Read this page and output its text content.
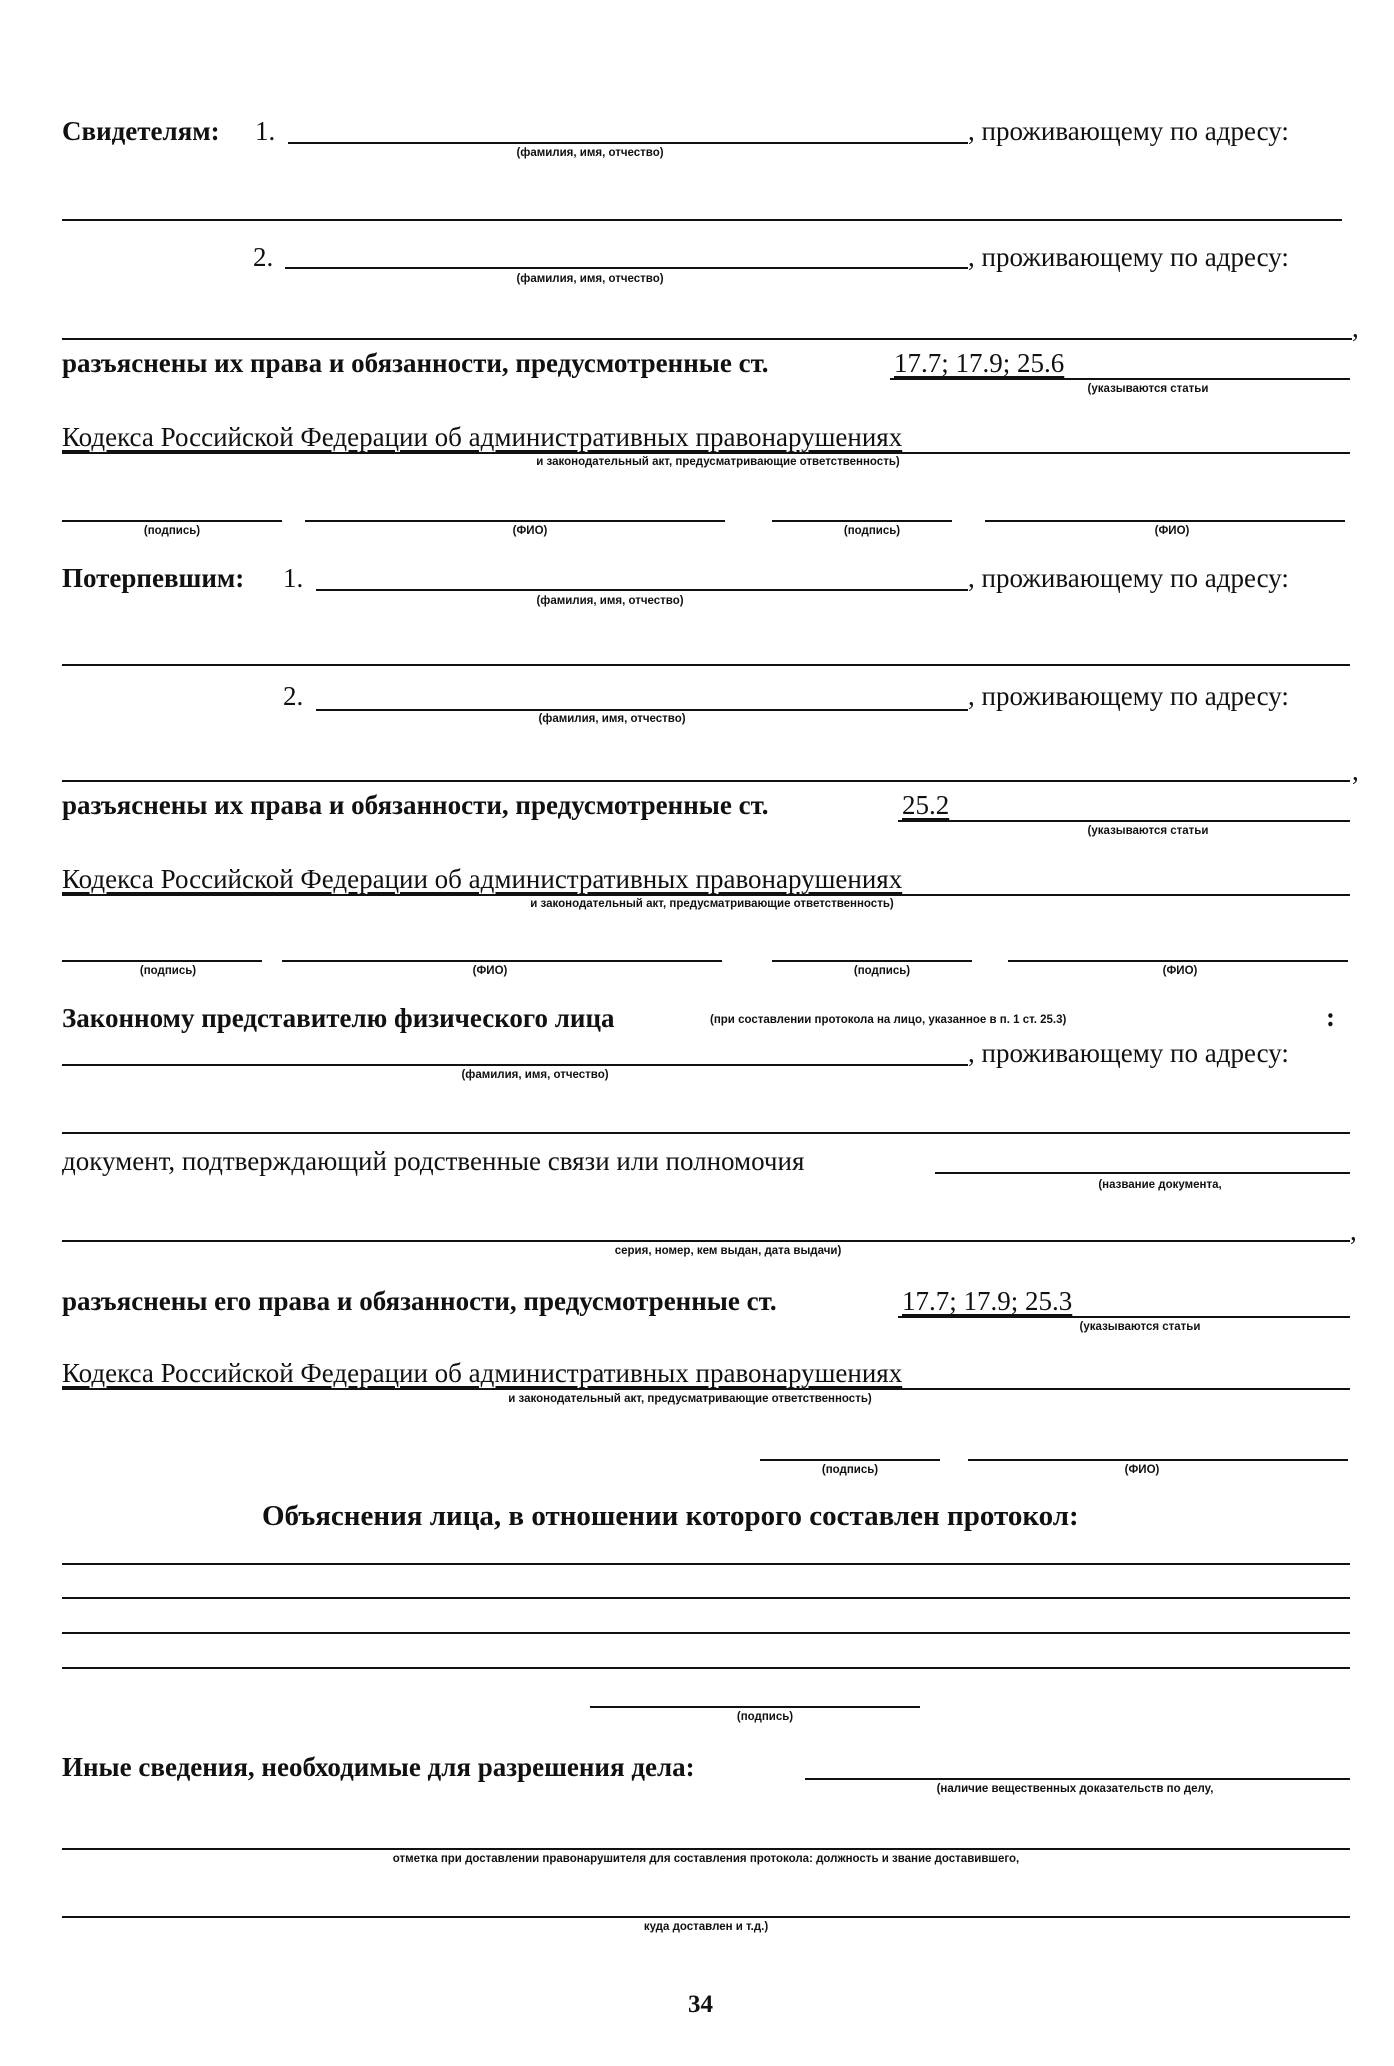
Свидетелям: 1.
(фамилия, имя, отчество)
, проживающему по адресу:
2.
(фамилия, имя, отчество)
, проживающему по адресу:
,
разъяснены их права и обязанности, предусмотренные ст.	17.7; 17.9; 25.6
(указываются статьи
Кодекса Российской Федерации об административных правонарушениях
и законодательный акт, предусматривающие ответственность)
(подпись)	(ФИО)	(подпись)	(ФИО)
Потерпевшим: 1.
(фамилия, имя, отчество)
, проживающему по адресу:
2.
(фамилия, имя, отчество)
, проживающему по адресу:
,
разъяснены их права и обязанности, предусмотренные ст.	25.2
(указываются статьи
Кодекса Российской Федерации об административных правонарушениях
и законодательный акт, предусматривающие ответственность)
(подпись)	(ФИО)	(подпись)	(ФИО)
Законному представителю физического лица	(при составлении протокола на лицо, указанное в п. 1 ст. 25.3)	:
(фамилия, имя, отчество)
, проживающему по адресу:
документ, подтверждающий родственные связи или полномочия
(название документа,
,
серия, номер, кем выдан, дата выдачи)
разъяснены его права и обязанности, предусмотренные ст.	17.7; 17.9; 25.3
(указываются статьи
Кодекса Российской Федерации об административных правонарушениях
и законодательный акт, предусматривающие ответственность)
(подпись)	(ФИО)
Объяснения лица, в отношении которого составлен протокол:
(подпись)
Иные сведения, необходимые для разрешения дела:
(наличие вещественных доказательств по делу,
отметка при доставлении правонарушителя для составления протокола: должность и звание доставившего,
куда доставлен и т.д.)
34
